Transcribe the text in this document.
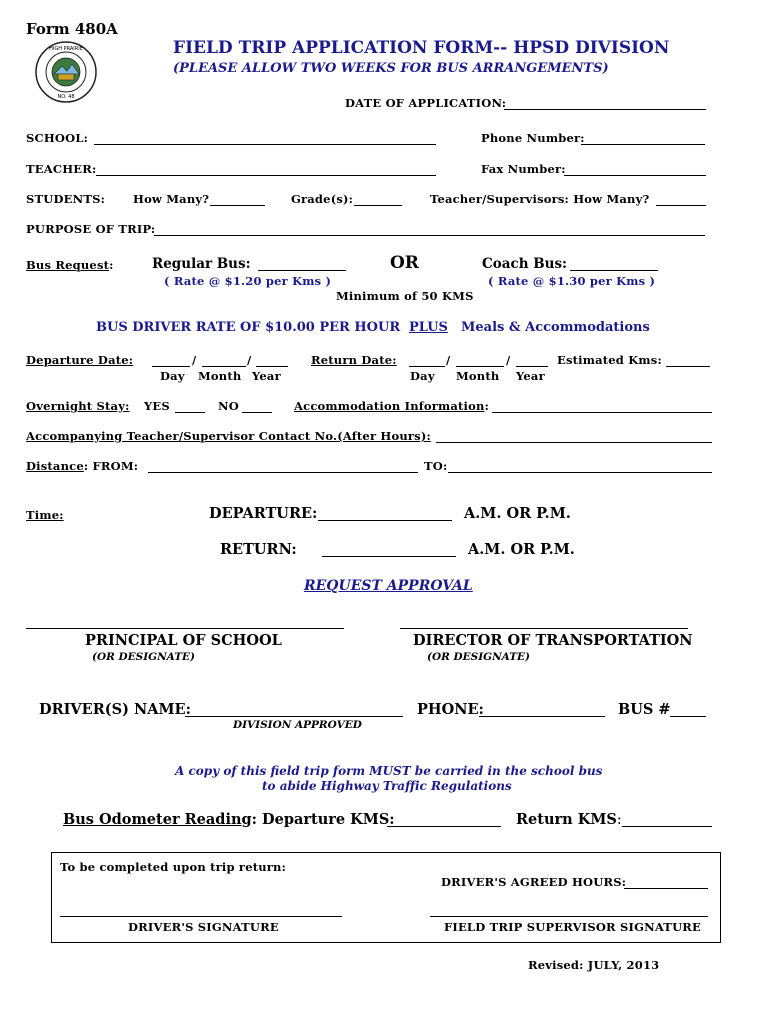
Form 480A
HIGH PRAIRIE
NO. 48
FIELD TRIP APPLICATION FORM-- HPSD DIVISION
(PLEASE ALLOW TWO WEEKS FOR BUS ARRANGEMENTS)
DATE OF APPLICATION:
SCHOOL:	Phone Number:
TEACHER:	Fax Number:
STUDENTS: How Many?	Grade(s):	Teacher/Supervisors: How Many?
PURPOSE OF TRIP:
Bus Request:	Regular Bus:
( Rate @ $1.20 per Kms )
OR	Coach Bus:
( Rate @ $1.30 per Kms )
Minimum of 50 KMS
BUS DRIVER RATE OF $10.00 PER HOUR PLUS Meals & Accommodations
Departure Date:	/	/
Day Month Year
Return Date:	/	/
Day Month Year
Estimated Kms:
Overnight Stay: YES	NO	Accommodation Information:
Accompanying Teacher/Supervisor Contact No.(After Hours):
Distance: FROM:	TO:
Time:	DEPARTURE:	A.M. OR P.M.
RETURN:	A.M. OR P.M.
REQUEST APPROVAL
PRINCIPAL OF SCHOOL	DIRECTOR OF TRANSPORTATION
(OR DESIGNATE)	(OR DESIGNATE)
DRIVER(S) NAME:
DIVISION APPROVED
PHONE:	BUS #
A copy of this field trip form MUST be carried in the school bus
to abide Highway Traffic Regulations
Bus Odometer Reading: Departure KMS:	Return KMS:
To be completed upon trip return:
DRIVER'S AGREED HOURS:
DRIVER'S SIGNATURE	FIELD TRIP SUPERVISOR SIGNATURE
Revised: JULY, 2013
